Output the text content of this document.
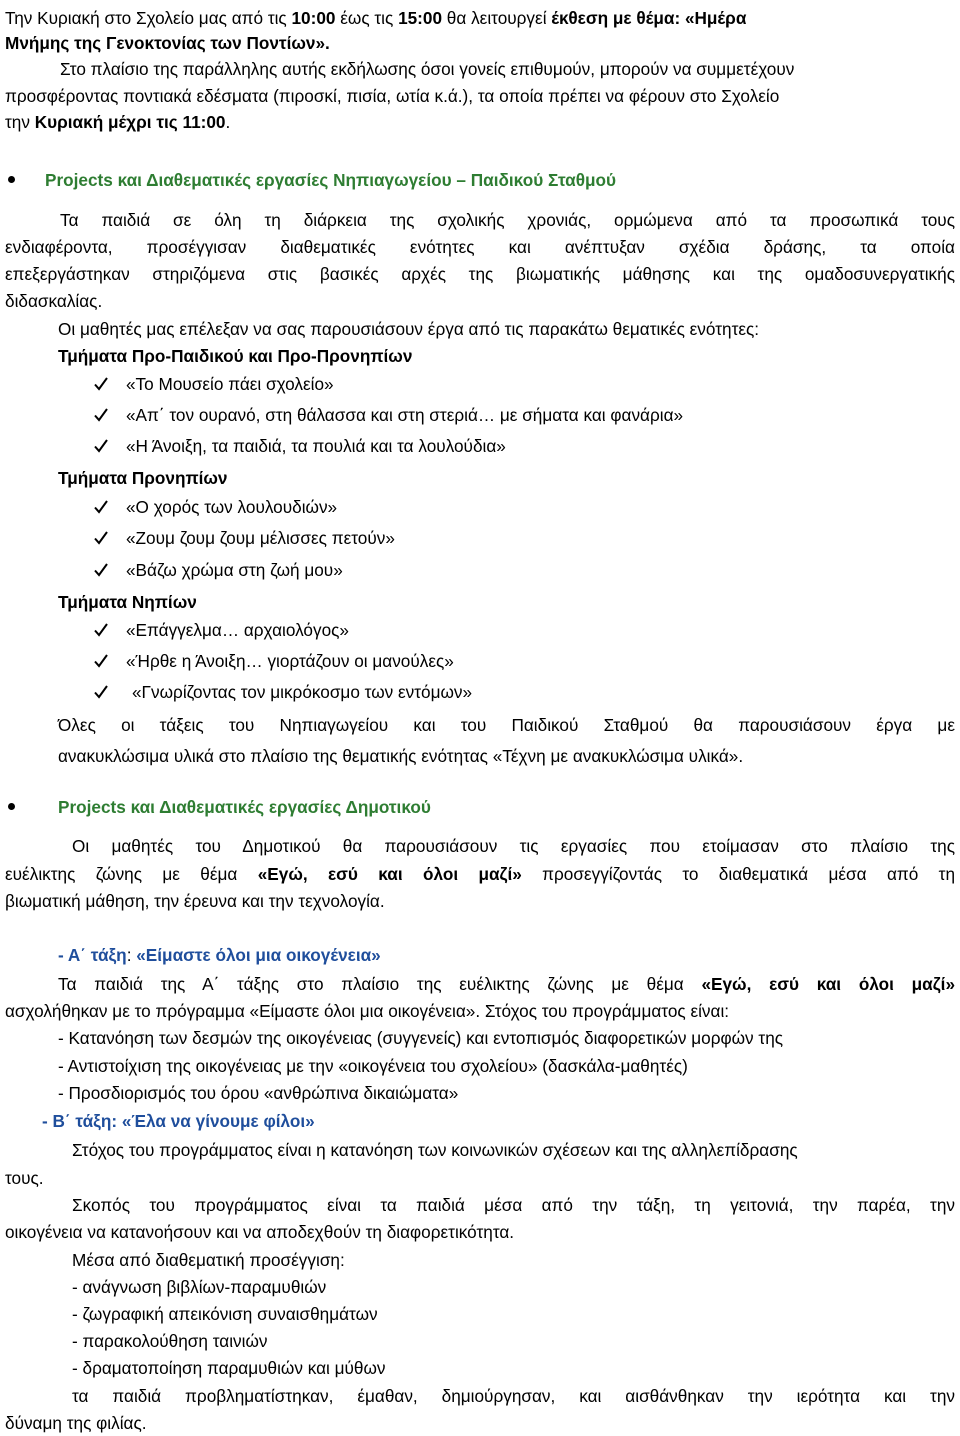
Την Κυριακή στο Σχολείο μας από τις 10:00 έως τις 15:00 θα λειτουργεί έκθεση με θέμα: «Ημέρα
Μνήμης της Γενοκτονίας των Ποντίων».
Στο πλαίσιο της παράλληλης αυτής εκδήλωσης όσοι γονείς επιθυμούν, μπορούν να συμμετέχουν
προσφέροντας ποντιακά εδέσματα (πιροσκί, πισία, ωτία κ.ά.), τα οποία πρέπει να φέρουν στο Σχολείο
την Κυριακή μέχρι τις 11:00.
Projects και Διαθεματικές εργασίες Νηπιαγωγείου – Παιδικού Σταθμού
Τα παιδιά σε όλη τη διάρκεια της σχολικής χρονιάς, ορμώμενα από τα προσωπικά τους
ενδιαφέροντα, προσέγγισαν διαθεματικές ενότητες και ανέπτυξαν σχέδια δράσης, τα οποία
επεξεργάστηκαν στηριζόμενα στις βασικές αρχές της βιωματικής μάθησης και της ομαδοσυνεργατικής
διδασκαλίας.
Οι μαθητές μας επέλεξαν να σας παρουσιάσουν έργα από τις παρακάτω θεματικές ενότητες:
Τμήματα Προ-Παιδικού και Προ-Προνηπίων
«Το Μουσείο πάει σχολείο»
«Απ΄ τον ουρανό, στη θάλασσα και στη στεριά… με σήματα και φανάρια»
«Η Άνοιξη, τα παιδιά, τα πουλιά και τα λουλούδια»
Τμήματα Προνηπίων
«Ο χορός των λουλουδιών»
«Ζουμ ζουμ ζουμ μέλισσες πετούν»
«Βάζω χρώμα στη ζωή μου»
Τμήματα Νηπίων
«Επάγγελμα… αρχαιολόγος»
«Ήρθε η Άνοιξη… γιορτάζουν οι μανούλες»
«Γνωρίζοντας τον μικρόκοσμο των εντόμων»
Όλες οι τάξεις του Νηπιαγωγείου και του Παιδικού Σταθμού θα παρουσιάσουν έργα με
ανακυκλώσιμα υλικά στο πλαίσιο της θεματικής ενότητας «Τέχνη με ανακυκλώσιμα υλικά».
Projects και Διαθεματικές εργασίες Δημοτικού
Οι μαθητές του Δημοτικού θα παρουσιάσουν τις εργασίες που ετοίμασαν στο πλαίσιο της
ευέλικτης ζώνης με θέμα «Εγώ, εσύ και όλοι μαζί» προσεγγίζοντάς το διαθεματικά μέσα από τη
βιωματική μάθηση, την έρευνα και την τεχνολογία.
- Α΄ τάξη: «Είμαστε όλοι μια οικογένεια»
Τα παιδιά της Α΄ τάξης στο πλαίσιο της ευέλικτης ζώνης με θέμα «Εγώ, εσύ και όλοι μαζί»
ασχολήθηκαν με το πρόγραμμα «Είμαστε όλοι μια οικογένεια». Στόχος του προγράμματος είναι:
- Κατανόηση των δεσμών της οικογένειας (συγγενείς) και εντοπισμός διαφορετικών μορφών της
- Αντιστοίχιση της οικογένειας με την «οικογένεια του σχολείου» (δασκάλα-μαθητές)
- Προσδιορισμός του όρου «ανθρώπινα δικαιώματα»
- Β΄ τάξη: «Έλα να γίνουμε φίλοι»
Στόχος του προγράμματος είναι η κατανόηση των κοινωνικών σχέσεων και της αλληλεπίδρασης
τους.
Σκοπός του προγράμματος είναι τα παιδιά μέσα από την τάξη, τη γειτονιά, την παρέα, την
οικογένεια να κατανοήσουν και να αποδεχθούν τη διαφορετικότητα.
Μέσα από διαθεματική προσέγγιση:
- ανάγνωση βιβλίων-παραμυθιών
- ζωγραφική απεικόνιση συναισθημάτων
- παρακολούθηση ταινιών
- δραματοποίηση παραμυθιών και μύθων
τα παιδιά προβληματίστηκαν, έμαθαν, δημιούργησαν, και αισθάνθηκαν την ιερότητα και την
δύναμη της φιλίας.
